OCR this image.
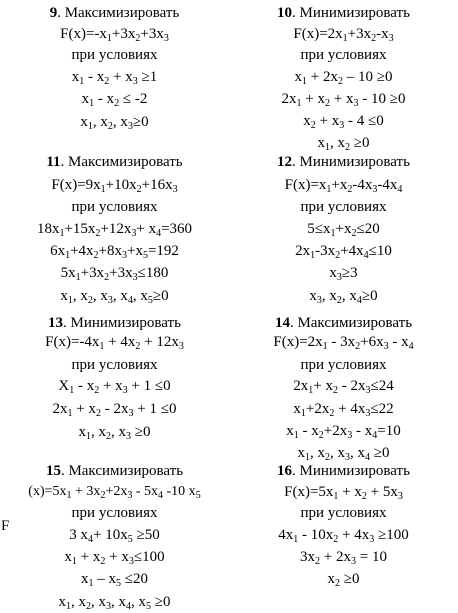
9. Максимизировать
$F(x)=-x_1+3x_2+3x_3$
при условиях
$x_1 - x_2 + x_3 \ge 1$
$x_1 - x_2 \le -2$
$x_1$, $x_2$, $x_3\ge 0$
11. Максимизировать
$F(x)=9x_1+10x_2+16x_3$
при условиях
$18x_1+15x_2+12x_3+ x_4=360$
$6x_1+4x_2+8x_3+x_5=192$
$5x_1+3x_2+3x_3\le 180$
$x_1$, $x_2$, $x_3$, $x_4$, $x_5\ge 0$
13. Минимизировать
$F(x)=-4x_1 + 4x_2 + 12x_3$
при условиях
$X_1 - x_2 + x_3 + 1 \le 0$
$2x_1 + x_2 - 2x_3 + 1 \le 0$
$x_1$, $x_2$, $x_3 \ge 0$
15. Максимизировать
$(x)=5x_1 + 3x_2+2x_3 - 5x_4$ -10 $x_5$
при условиях
3 $x_4+ 10x_5 \ge 50$
$x_1 + x_2 + x_3\le 100$
$x_1 - x_5 \le 20$
$x_1$, $x_2$, $x_3$, $x_4$, $x_5 \ge 0$
F
10. Минимизировать
$F(x)=2x_1+3x_2-x_3$
при условиях
$x_1 + 2x_2 - 10 \ge 0$
$2x_1 + x_2 + x_3 - 10 \ge 0$
$x_2 + x_3 - 4 \le 0$
$x_1$, $x_2 \ge 0$
12. Минимизировать
$F(x)=x_1+x_2-4x_3-4x_4$
при условиях
$5\le x_1+x_2\le 20$
$2x_1-3x_2+4x_4\le 10$
$x_3\ge 3$
$x_3$, $x_2$, $x_4\ge 0$
14. Максимизировать
$F(x)=2x_1 - 3x_2+6x_3 - x_4$
при условиях
$2x_1+ x_2 - 2x_3\le 24$
$x_1+2x_2 + 4x_3\le 22$
$x_1 - x_2+2x_3 - x_4=10$
$x_1$, $x_2$, $x_3$, $x_4 \ge 0$
16. Минимизировать
$F(x)=5x_1 + x_2 + 5x_3$
при условиях
$4x_1 - 10x_2 + 4x_3 \ge 100$
$3x_2 + 2x_3 = 10$
$x_2 \ge 0$
